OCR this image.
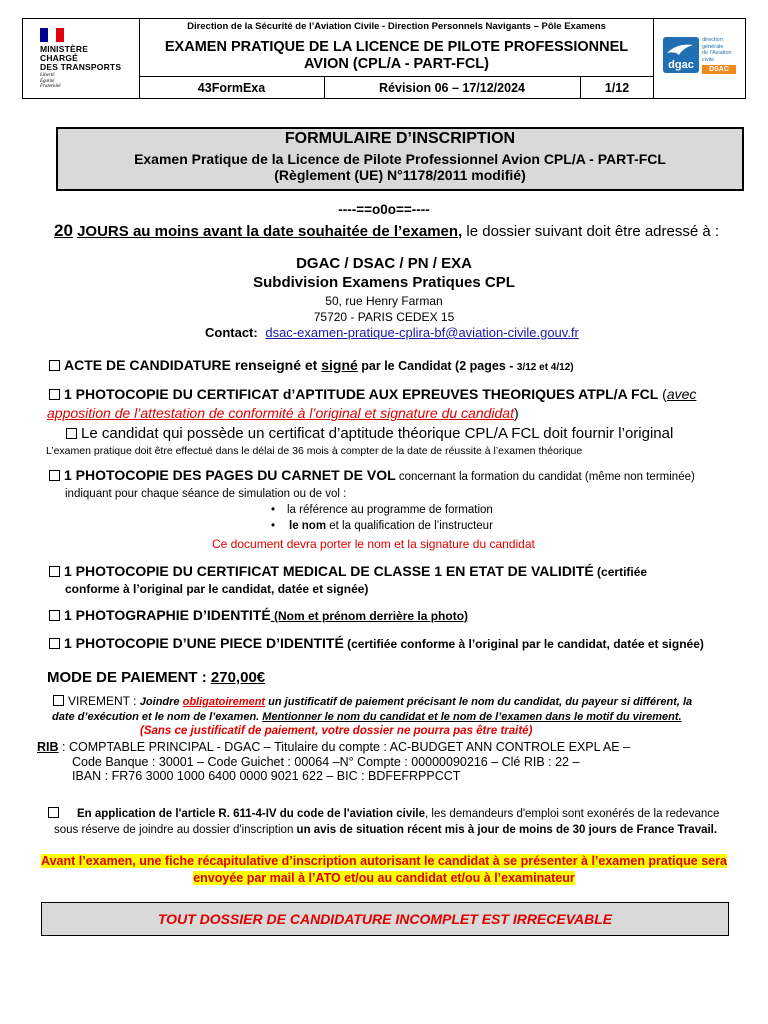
MINISTÈRE
CHARGÉ
DES TRANSPORTS
Liberté
Égalité
Fraternité
Direction de la Sécurité de l’Aviation Civile - Direction Personnels Navigants – Pôle Examens
EXAMEN PRATIQUE DE LA LICENCE DE PILOTE PROFESSIONNEL
AVION (CPL/A - PART-FCL)	dgac
direction
générale
de l’Aviation
civile
DSAC
43FormExa	Révision 06 – 17/12/2024	1/12
FORMULAIRE D’INSCRIPTION
Examen Pratique de la Licence de Pilote Professionnel Avion CPL/A - PART-FCL
(Règlement (UE) N°1178/2011 modifié)
----==o0o==----
20 JOURS au moins avant la date souhaitée de l’examen, le dossier suivant doit être adressé à :
DGAC / DSAC / PN / EXA
Subdivision Examens Pratiques CPL
50, rue Henry Farman
75720 - PARIS CEDEX 15
Contact: dsac-examen-pratique-cplira-bf@aviation-civile.gouv.fr
ACTE DE CANDIDATURE renseigné et signé par le Candidat (2 pages - 3/12 et 4/12)
1 PHOTOCOPIE DU CERTIFICAT d’APTITUDE AUX EPREUVES THEORIQUES ATPL/A FCL (avec
apposition de l’attestation de conformité à l’original et signature du candidat)
Le candidat qui possède un certificat d’aptitude théorique CPL/A FCL doit fournir l’original
L’examen pratique doit être effectué dans le délai de 36 mois à compter de la date de réussite à l’examen théorique
1 PHOTOCOPIE DES PAGES DU CARNET DE VOL concernant la formation du candidat (même non terminée)
indiquant pour chaque séance de simulation ou de vol :
• la référence au programme de formation
• le nom et la qualification de l’instructeur
Ce document devra porter le nom et la signature du candidat
1 PHOTOCOPIE DU CERTIFICAT MEDICAL DE CLASSE 1 EN ETAT DE VALIDITÉ (certifiée
conforme à l’original par le candidat, datée et signée)
1 PHOTOGRAPHIE D’IDENTITÉ (Nom et prénom derrière la photo)
1 PHOTOCOPIE D’UNE PIECE D’IDENTITÉ (certifiée conforme à l’original par le candidat, datée et signée)
MODE DE PAIEMENT : 270,00€
VIREMENT : Joindre obligatoirement un justificatif de paiement précisant le nom du candidat, du payeur si différent, la
date d’exécution et le nom de l’examen. Mentionner le nom du candidat et le nom de l’examen dans le motif du virement.
(Sans ce justificatif de paiement, votre dossier ne pourra pas être traité)
RIB : COMPTABLE PRINCIPAL - DGAC – Titulaire du compte : AC-BUDGET ANN CONTROLE EXPL AE –
Code Banque : 30001 – Code Guichet : 00064 –N° Compte : 00000090216 – Clé RIB : 22 –
IBAN : FR76 3000 1000 6400 0000 9021 622 – BIC : BDFEFRPPCCT
En application de l'article R. 611-4-IV du code de l'aviation civile, les demandeurs d'emploi sont exonérés de la redevance
sous réserve de joindre au dossier d'inscription un avis de situation récent mis à jour de moins de 30 jours de France Travail.
Avant l’examen, une fiche récapitulative d’inscription autorisant le candidat à se présenter à l’examen pratique sera
envoyée par mail à l’ATO et/ou au candidat et/ou à l’examinateur
TOUT DOSSIER DE CANDIDATURE INCOMPLET EST IRRECEVABLE
